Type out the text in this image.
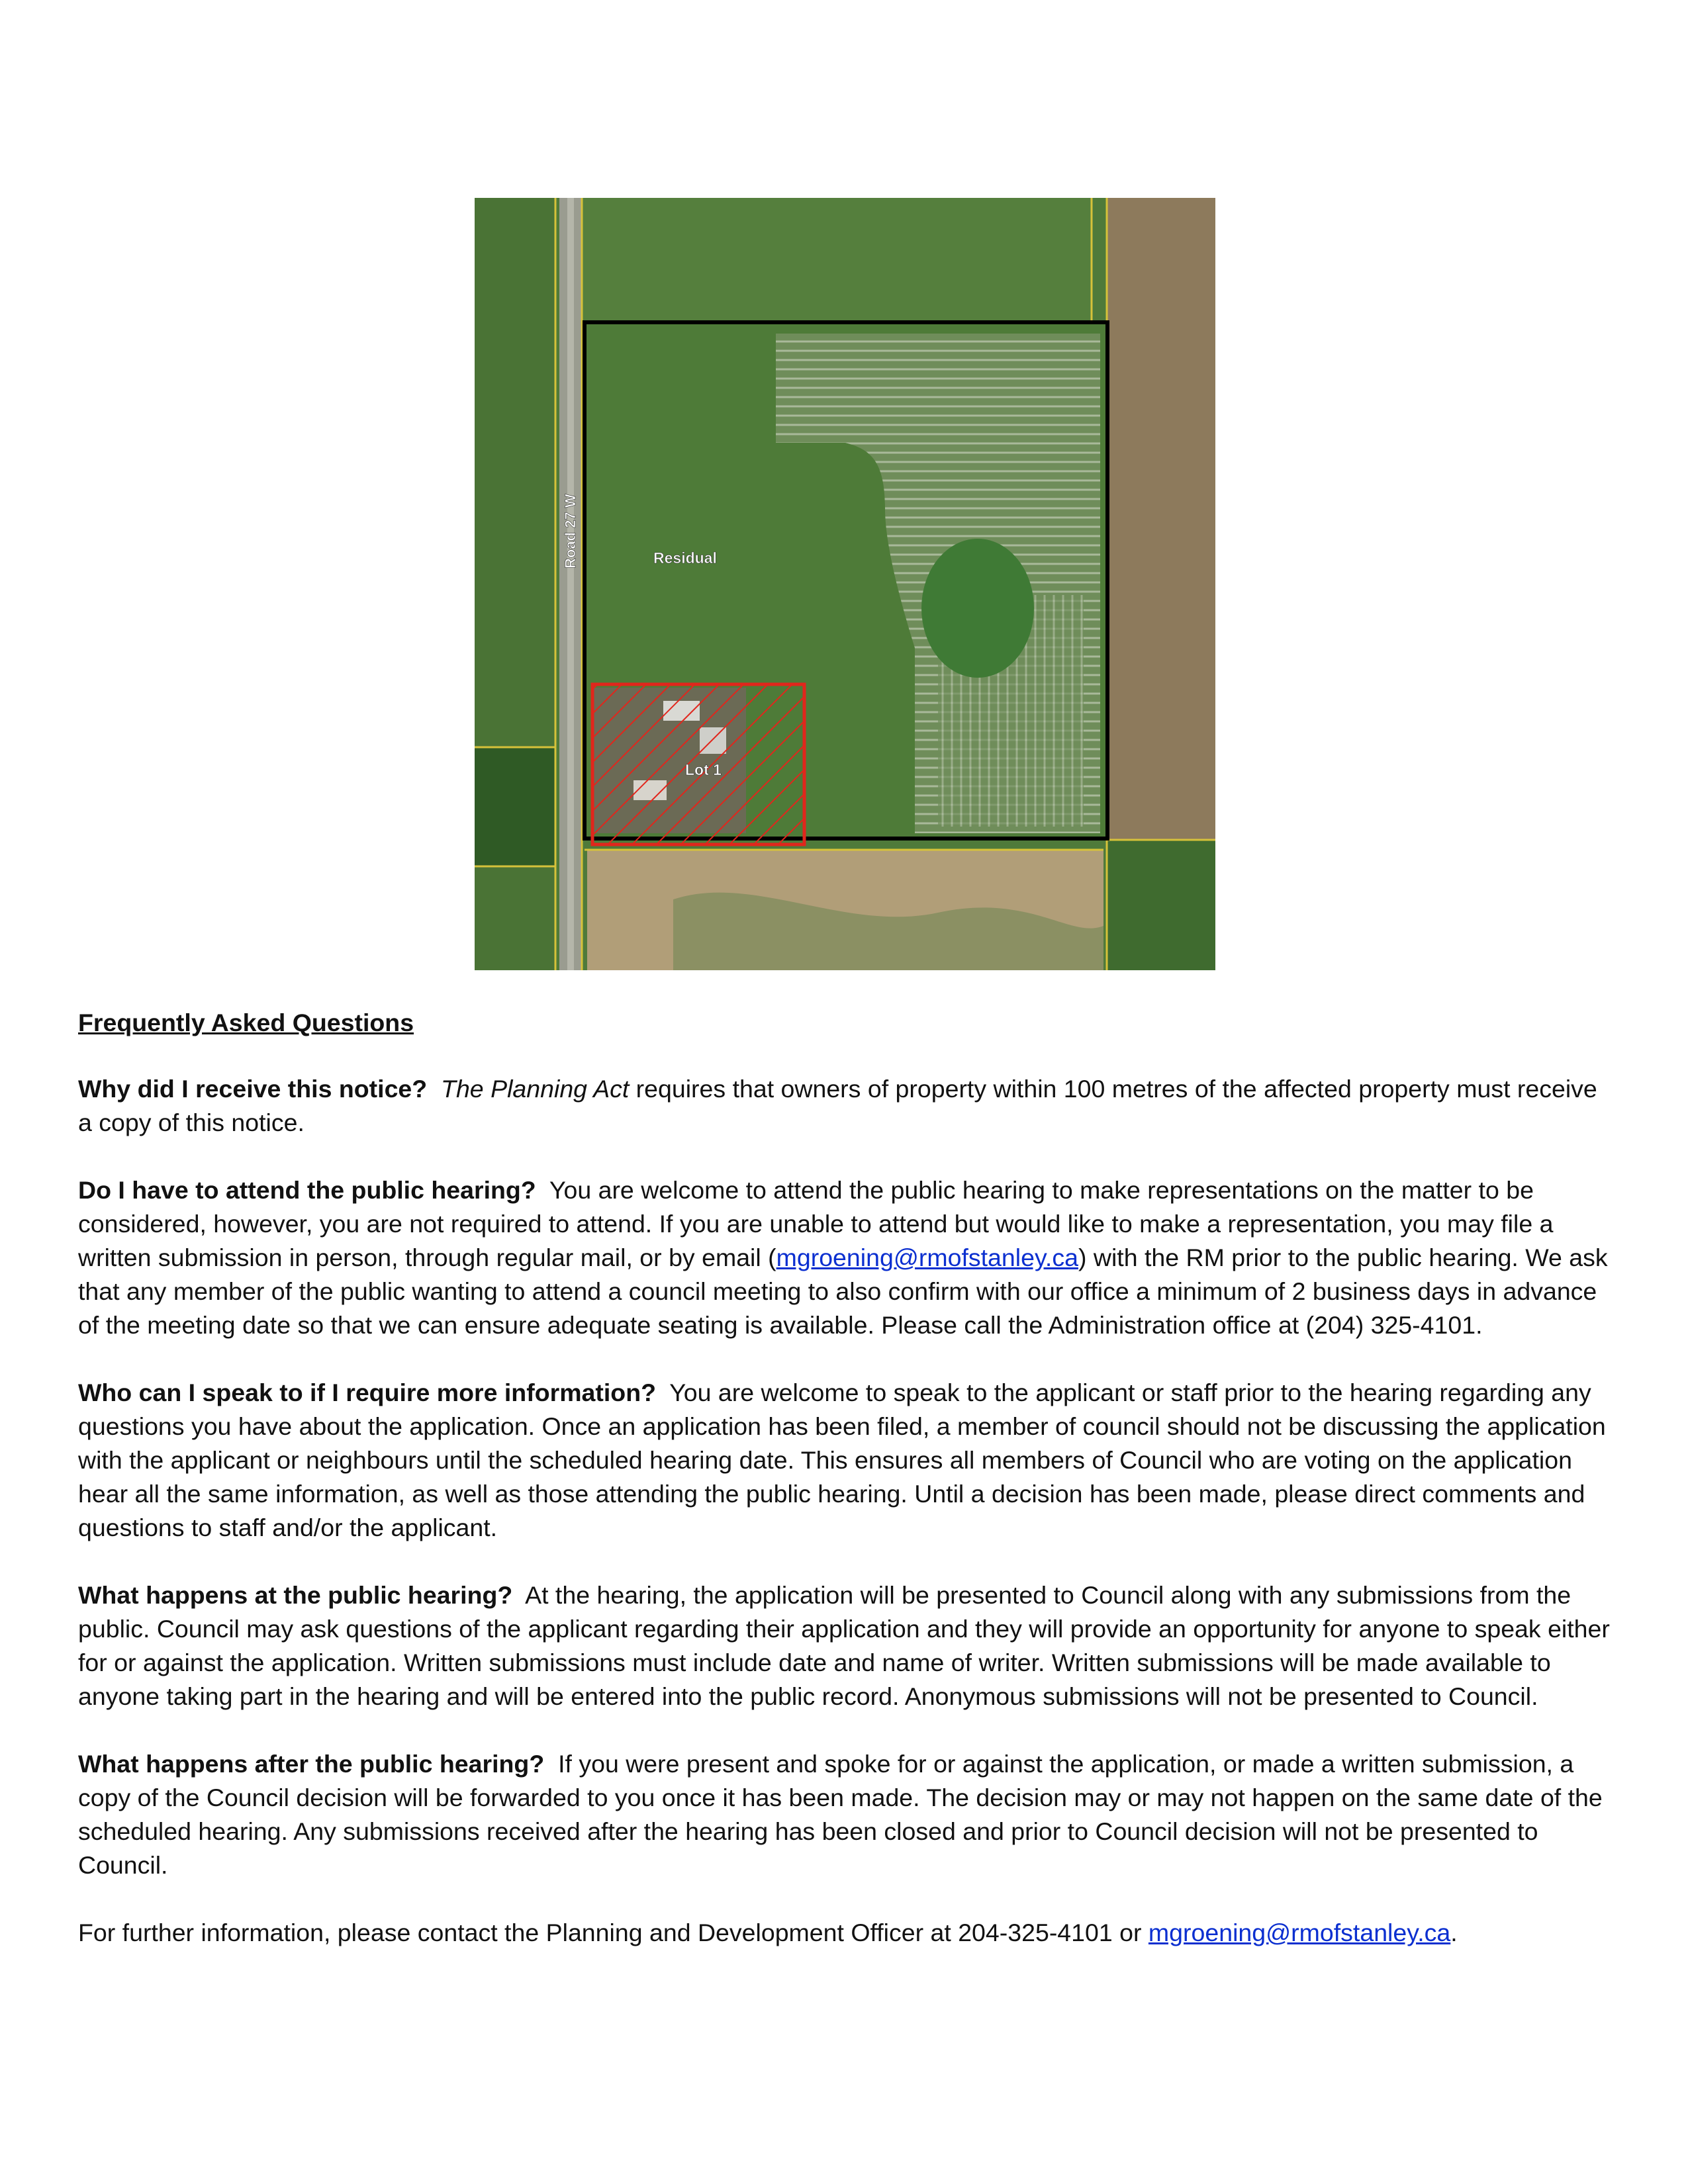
Road 27 W	Residual
Lot 1
Frequently Asked Questions

Why did I receive this notice? The Planning Act requires that owners of property within 100 metres of the affected property must receive a copy of this notice.

Do I have to attend the public hearing? You are welcome to attend the public hearing to make representations on the matter to be considered, however, you are not required to attend. If you are unable to attend but would like to make a representation, you may file a written submission in person, through regular mail, or by email (mgroening@rmofstanley.ca) with the RM prior to the public hearing. We ask that any member of the public wanting to attend a council meeting to also confirm with our office a minimum of 2 business days in advance of the meeting date so that we can ensure adequate seating is available. Please call the Administration office at (204) 325-4101.

Who can I speak to if I require more information? You are welcome to speak to the applicant or staff prior to the hearing regarding any questions you have about the application. Once an application has been filed, a member of council should not be discussing the application with the applicant or neighbours until the scheduled hearing date. This ensures all members of Council who are voting on the application hear all the same information, as well as those attending the public hearing. Until a decision has been made, please direct comments and questions to staff and/or the applicant.

What happens at the public hearing? At the hearing, the application will be presented to Council along with any submissions from the public. Council may ask questions of the applicant regarding their application and they will provide an opportunity for anyone to speak either for or against the application. Written submissions must include date and name of writer. Written submissions will be made available to anyone taking part in the hearing and will be entered into the public record. Anonymous submissions will not be presented to Council.

What happens after the public hearing? If you were present and spoke for or against the application, or made a written submission, a copy of the Council decision will be forwarded to you once it has been made. The decision may or may not happen on the same date of the scheduled hearing. Any submissions received after the hearing has been closed and prior to Council decision will not be presented to Council.

For further information, please contact the Planning and Development Officer at 204-325-4101 or mgroening@rmofstanley.ca.
